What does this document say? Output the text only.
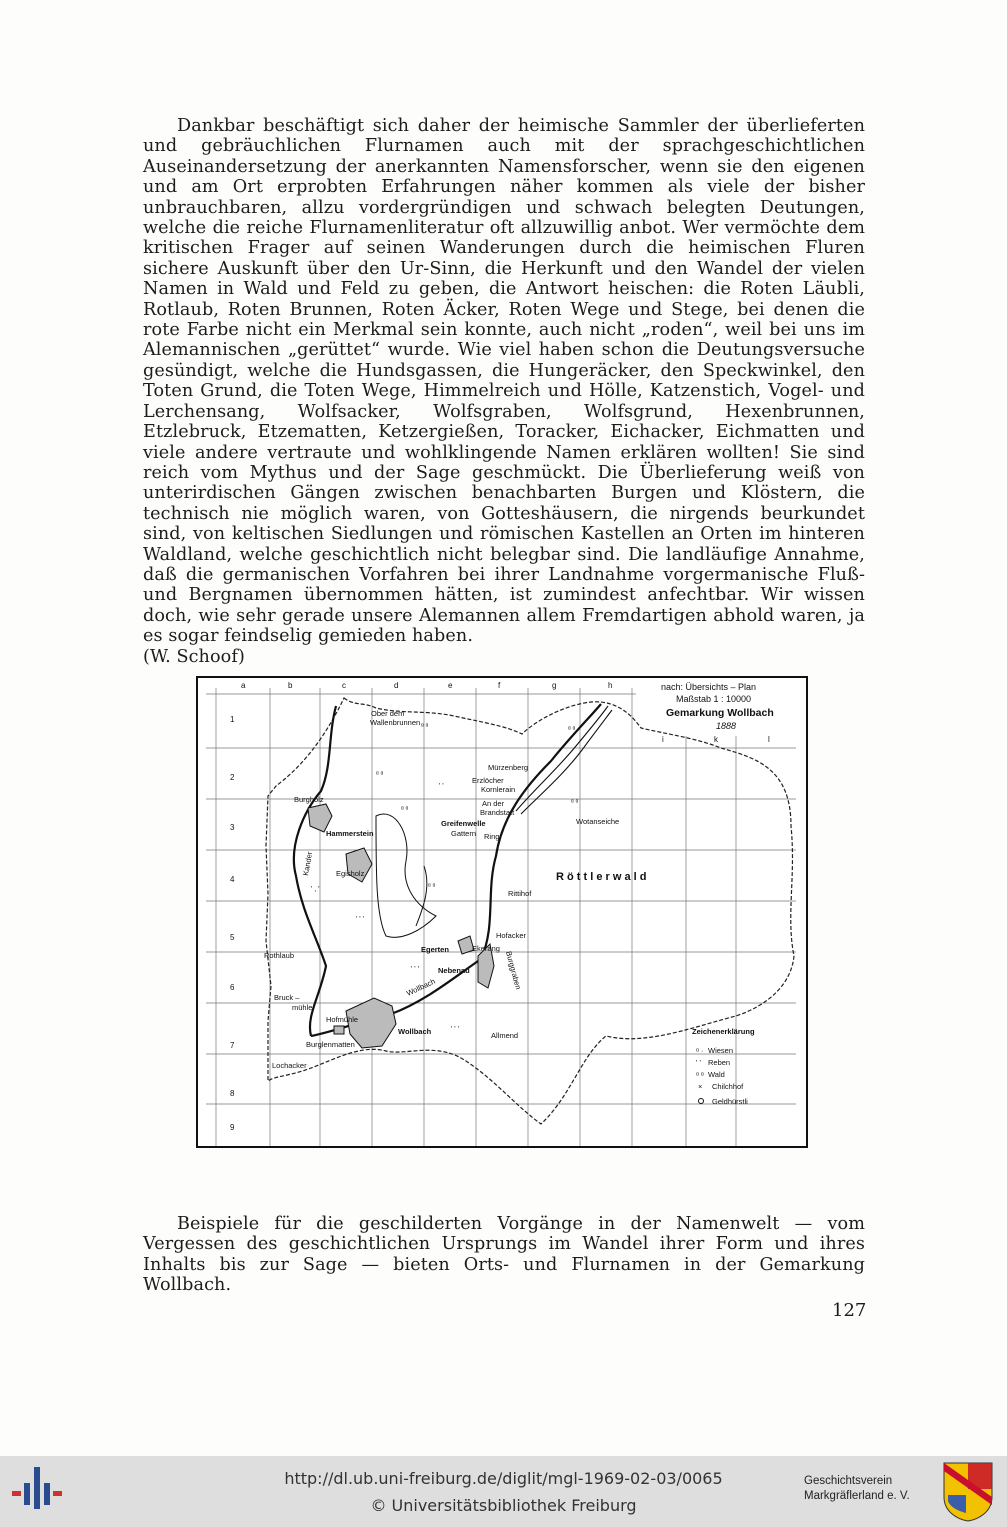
Dankbar beschäftigt sich daher der heimische Sammler der überlieferten und gebräuchlichen Flurnamen auch mit der sprachgeschichtlichen Auseinandersetzung der anerkannten Namensforscher, wenn sie den eigenen und am Ort erprobten Erfahrungen näher kommen als viele der bisher unbrauchbaren, allzu vordergründigen und schwach belegten Deutungen, welche die reiche Flurnamenliteratur oft allzuwillig anbot. Wer vermöchte dem kritischen Frager auf seinen Wanderungen durch die heimischen Fluren sichere Auskunft über den Ur-Sinn, die Herkunft und den Wandel der vielen Namen in Wald und Feld zu geben, die Antwort heischen: die Roten Läubli, Rotlaub, Roten Brunnen, Roten Äcker, Roten Wege und Stege, bei denen die rote Farbe nicht ein Merkmal sein konnte, auch nicht „roden“, weil bei uns im Alemannischen „gerüttet“ wurde. Wie viel haben schon die Deutungsversuche gesündigt, welche die Hundsgassen, die Hungeräcker, den Speckwinkel, den Toten Grund, die Toten Wege, Himmelreich und Hölle, Katzenstich, Vogel- und Lerchensang, Wolfsacker, Wolfsgraben, Wolfsgrund, Hexenbrunnen, Etzlebruck, Etzematten, Ketzergießen, Toracker, Eichacker, Eichmatten und viele andere vertraute und wohlklingende Namen erklären wollten! Sie sind reich vom Mythus und der Sage geschmückt. Die Überlieferung weiß von unterirdischen Gängen zwischen benachbarten Burgen und Klöstern, die technisch nie möglich waren, von Gotteshäusern, die nirgends beurkundet sind, von keltischen Siedlungen und römischen Kastellen an Orten im hinteren Waldland, welche geschichtlich nicht belegbar sind. Die landläufige Annahme, daß die germanischen Vorfahren bei ihrer Landnahme vorgermanische Fluß- und Bergnamen übernommen hätten, ist zumindest anfechtbar. Wir wissen doch, wie sehr gerade unsere Alemannen allem Fremdartigen abhold waren, ja es sogar feindselig gemieden haben.
(W. Schoof)

a	b	c	d	e	f	g	h
i	k	l
1
2
3
4
5
6
7
8
9
nach: Übersichts – Plan
Maßstab 1 : 10000
Gemarkung Wollbach
1888
ᵅ ᵅ
ᵅ ᵅ
' '
' , '
' ' '
ᵅ ᵅ
' ' '
' ' '
ᵅ ᵅ
ᵅ ᵅ
ᵅ ᵅ
Ober dem
Wallenbrunnen
Mürzenberg
Erzlöcher
Kornlerain
An der
Brandstatt
Burgholz
Greifenwelle
Gattern Ring
Wotanseiche
Hammerstein
Kander	Egisholz
Rittihof
Hofacker
Egerten	Ekerang
Burggraben
Rothlaub
Nebenau
Bruck –
mühle
Hofmühle
Wollbach
Wollbach
Burglenmatten
Allmend
Lochacker
R ö t t l e r w a l d
Zeichenerklärung
ᵅ · Wiesen
' ' Reben
ᵅ ᵅ Wald
× Chilchhof
Geldhürstli

Beispiele für die geschilderten Vorgänge in der Namenwelt — vom Vergessen des geschichtlichen Ursprungs im Wandel ihrer Form und ihres Inhalts bis zur Sage — bieten Orts- und Flurnamen in der Gemarkung Wollbach.

127
http://dl.ub.uni-freiburg.de/diglit/mgl-1969-02-03/0065
© Universitätsbibliothek Freiburg
Geschichtsverein
Markgräflerland e. V.
